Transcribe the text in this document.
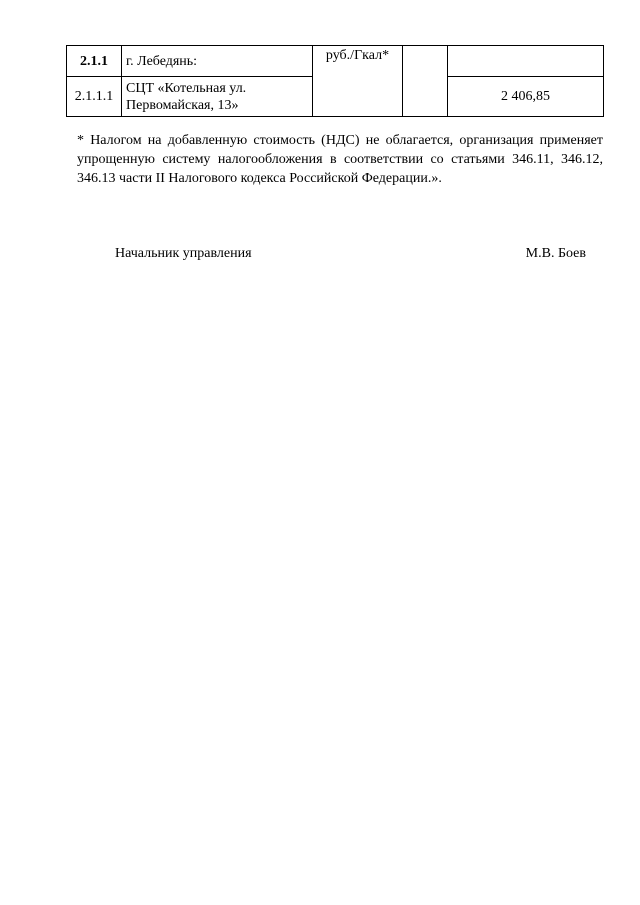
2.1.1	г. Лебедянь:	руб./Гкал*		
2.1.1.1	СЦТ «Котельная ул.
Первомайская, 13»			2 406,85

* Налогом на добавленную стоимость (НДС) не облагается, организация применяет упрощенную систему налогообложения в соответствии со статьями 346.11, 346.12, 346.13 части II Налогового кодекса Российской Федерации.».

Начальник управления	М.В. Боев
